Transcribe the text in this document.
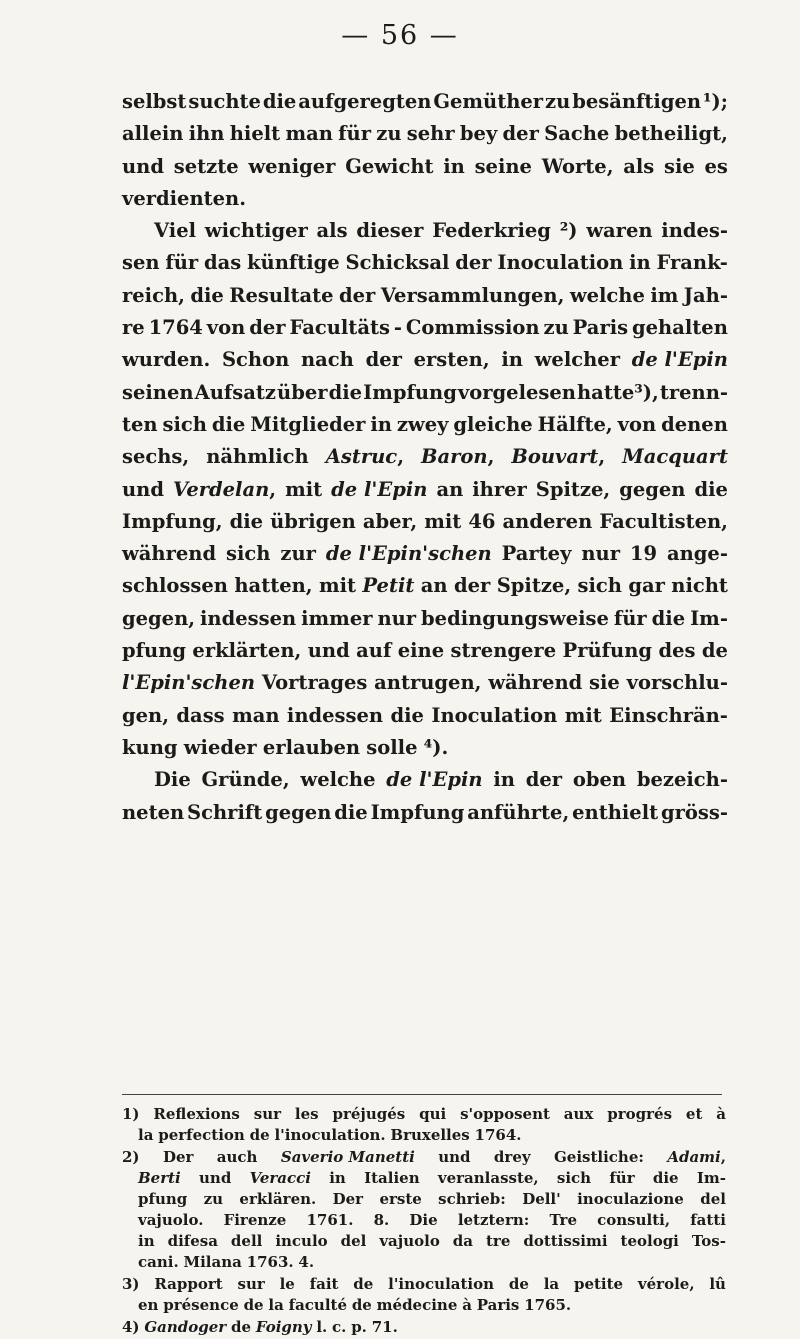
— 56 —
selbst suchte die aufgeregten Gemüther zu besänftigen ¹);
allein ihn hielt man für zu sehr bey der Sache betheiligt,
und setzte weniger Gewicht in seine Worte, als sie es
verdienten.
Viel wichtiger als dieser Federkrieg ²) waren indes-
sen für das künftige Schicksal der Inoculation in Frank-
reich, die Resultate der Versammlungen, welche im Jah-
re 1764 von der Facultäts - Commission zu Paris gehalten
wurden. Schon nach der ersten, in welcher de l'Epin
seinen Aufsatz über die Impfung vorgelesen hatte³), trenn-
ten sich die Mitglieder in zwey gleiche Hälfte, von denen
sechs, nähmlich Astruc, Baron, Bouvart, Macquart
und Verdelan, mit de l'Epin an ihrer Spitze, gegen die
Impfung, die übrigen aber, mit 46 anderen Facultisten,
während sich zur de l'Epin'schen Partey nur 19 ange-
schlossen hatten, mit Petit an der Spitze, sich gar nicht
gegen, indessen immer nur bedingungsweise für die Im-
pfung erklärten, und auf eine strengere Prüfung des de
l'Epin'schen Vortrages antrugen, während sie vorschlu-
gen, dass man indessen die Inoculation mit Einschrän-
kung wieder erlauben solle ⁴).
Die Gründe, welche de l'Epin in der oben bezeich-
neten Schrift gegen die Impfung anführte, enthielt gröss-
1) Reflexions sur les préjugés qui s'opposent aux progrés et à
la perfection de l'inoculation. Bruxelles 1764.
2) Der auch Saverio Manetti und drey Geistliche: Adami,
Berti und Veracci in Italien veranlasste, sich für die Im-
pfung zu erklären. Der erste schrieb: Dell' inoculazione del
vajuolo. Firenze 1761. 8. Die letztern: Tre consulti, fatti
in difesa dell inculo del vajuolo da tre dottissimi teologi Tos-
cani. Milana 1763. 4.
3) Rapport sur le fait de l'inoculation de la petite vérole, lû
en présence de la faculté de médecine à Paris 1765.
4) Gandoger de Foigny l. c. p. 71.
